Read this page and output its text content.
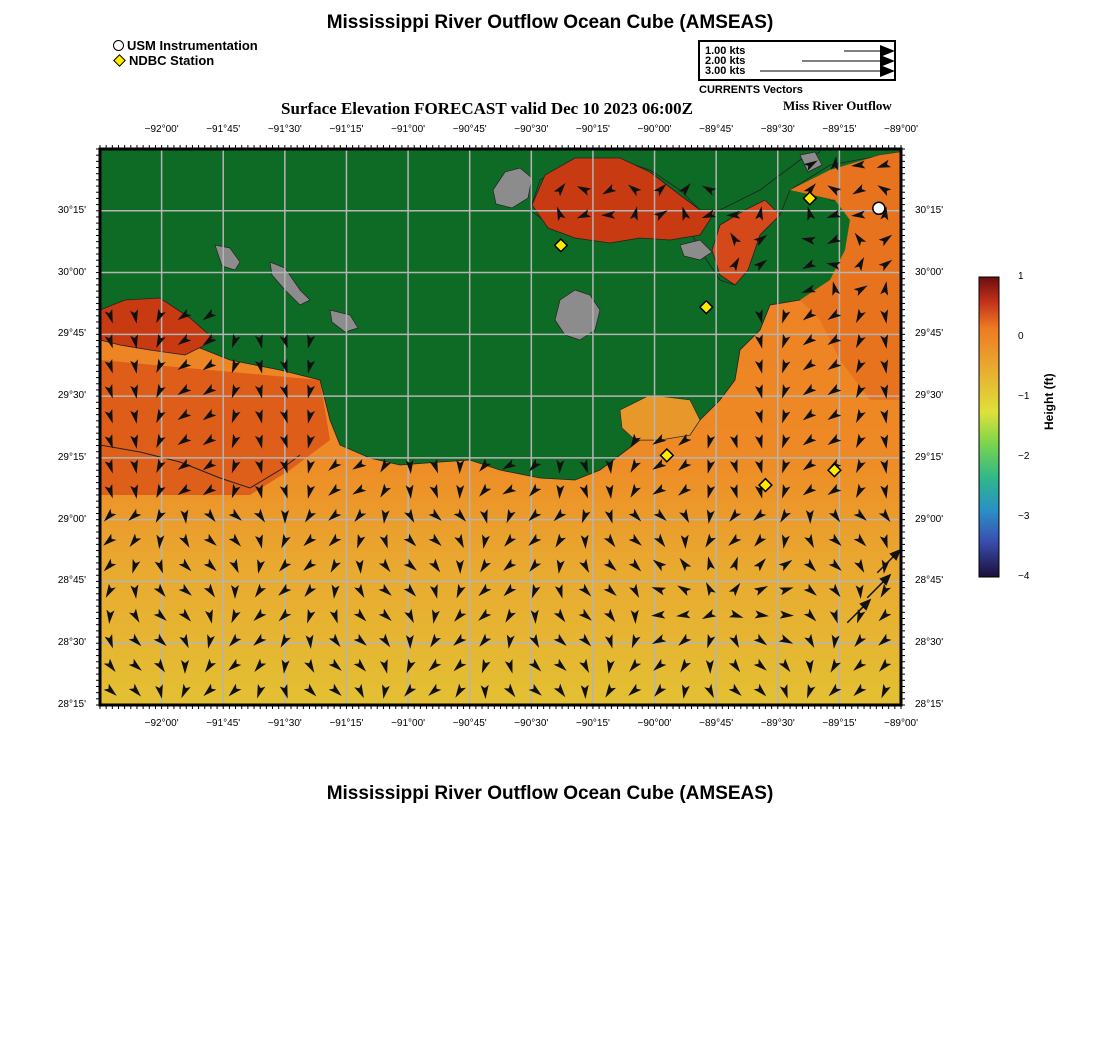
Mississippi River Outflow Ocean Cube (AMSEAS)
USM Instrumentation
NDBC Station
1.00 kts
2.00 kts
3.00 kts
CURRENTS Vectors
Surface Elevation FORECAST valid Dec 10 2023 06:00Z	Miss River Outflow
−92°00'	−91°45'	−91°30'	−91°15'	−91°00'	−90°45'	−90°30'	−90°15'	−90°00'	−89°45'	−89°30'	−89°15'	−89°00'
−92°00'	−91°45'	−91°30'	−91°15'	−91°00'	−90°45'	−90°30'	−90°15'	−90°00'	−89°45'	−89°30'	−89°15'	−89°00'
30°15'
30°00'
29°45'
29°30'
29°15'
29°00'
28°45'
28°30'
28°15'
30°15'
30°00'
29°45'
29°30'
29°15'
29°00'
28°45'
28°30'
28°15'
1
0
−1
−2
−3
−4
Height (ft)
Mississippi River Outflow Ocean Cube (AMSEAS)
